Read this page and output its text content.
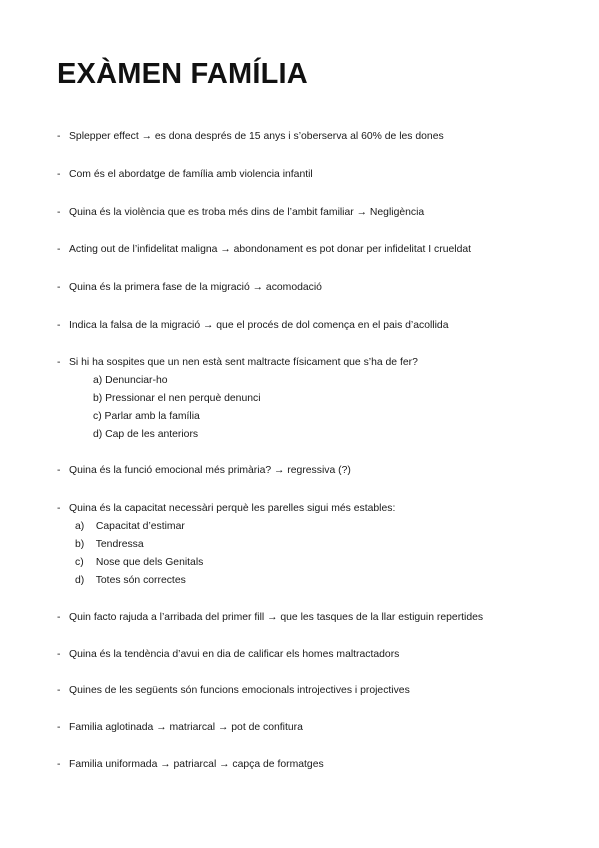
EXÀMEN FAMÍLIA
- Splepper effect → es dona després de 15 anys i s’oberserva al 60% de les dones
- Com és el abordatge de família amb violencia infantil
- Quina és la violència que es troba més dins de l’ambit familiar → Negligència
- Acting out de l’infidelitat maligna → abondonament es pot donar per infidelitat I crueldat
- Quina és la primera fase de la migració → acomodació
- Indica la falsa de la migració → que el procés de dol comença en el pais d’acollida
- Si hi ha sospites que un nen està sent maltracte físicament que s’ha de fer?
a) Denunciar-ho
b) Pressionar el nen perquè denunci
c) Parlar amb la família
d) Cap de les anteriors
- Quina és la funció emocional més primària? → regressiva (?)
- Quina és la capacitat necessàri perquè les parelles sigui més estables:
a) Capacitat d’estimar
b) Tendressa
c) Nose que dels Genitals
d) Totes són correctes
- Quin facto rajuda a l’arribada del primer fill → que les tasques de la llar estiguin repertides
- Quina és la tendència d’avui en dia de calificar els homes maltractadors
- Quines de les següents són funcions emocionals introjectives i projectives
- Familia aglotinada → matriarcal → pot de confitura
- Familia uniformada → patriarcal → capça de formatges
